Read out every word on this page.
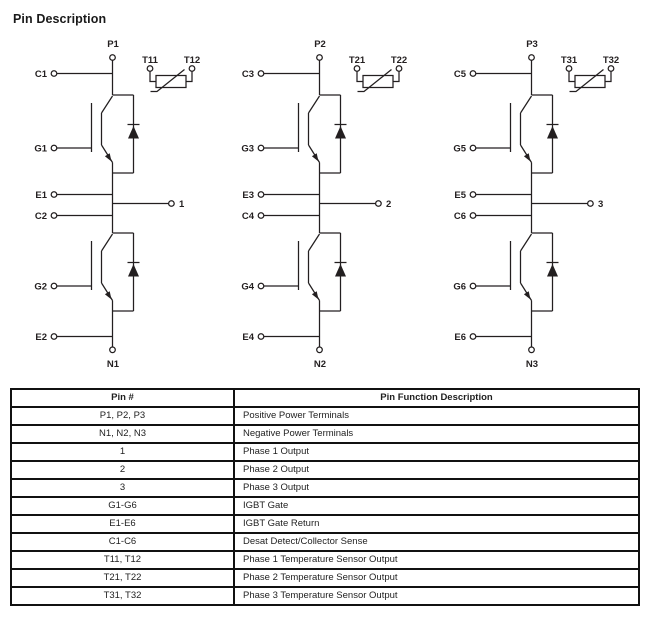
Pin Description
P1
T11	T12
C1
G1
E1
1
C2
G2
E2
N1
P2
T21	T22
C3
G3
E3
2
C4
G4
E4
N2
P3
T31	T32
C5
G5
E5
3
C6
G6
E6
N3
Pin #	Pin Function Description
P1, P2, P3	Positive Power Terminals
N1, N2, N3	Negative Power Terminals
1	Phase 1 Output
2	Phase 2 Output
3	Phase 3 Output
G1-G6	IGBT Gate
E1-E6	IGBT Gate Return
C1-C6	Desat Detect/Collector Sense
T11, T12	Phase 1 Temperature Sensor Output
T21, T22	Phase 2 Temperature Sensor Output
T31, T32	Phase 3 Temperature Sensor Output
